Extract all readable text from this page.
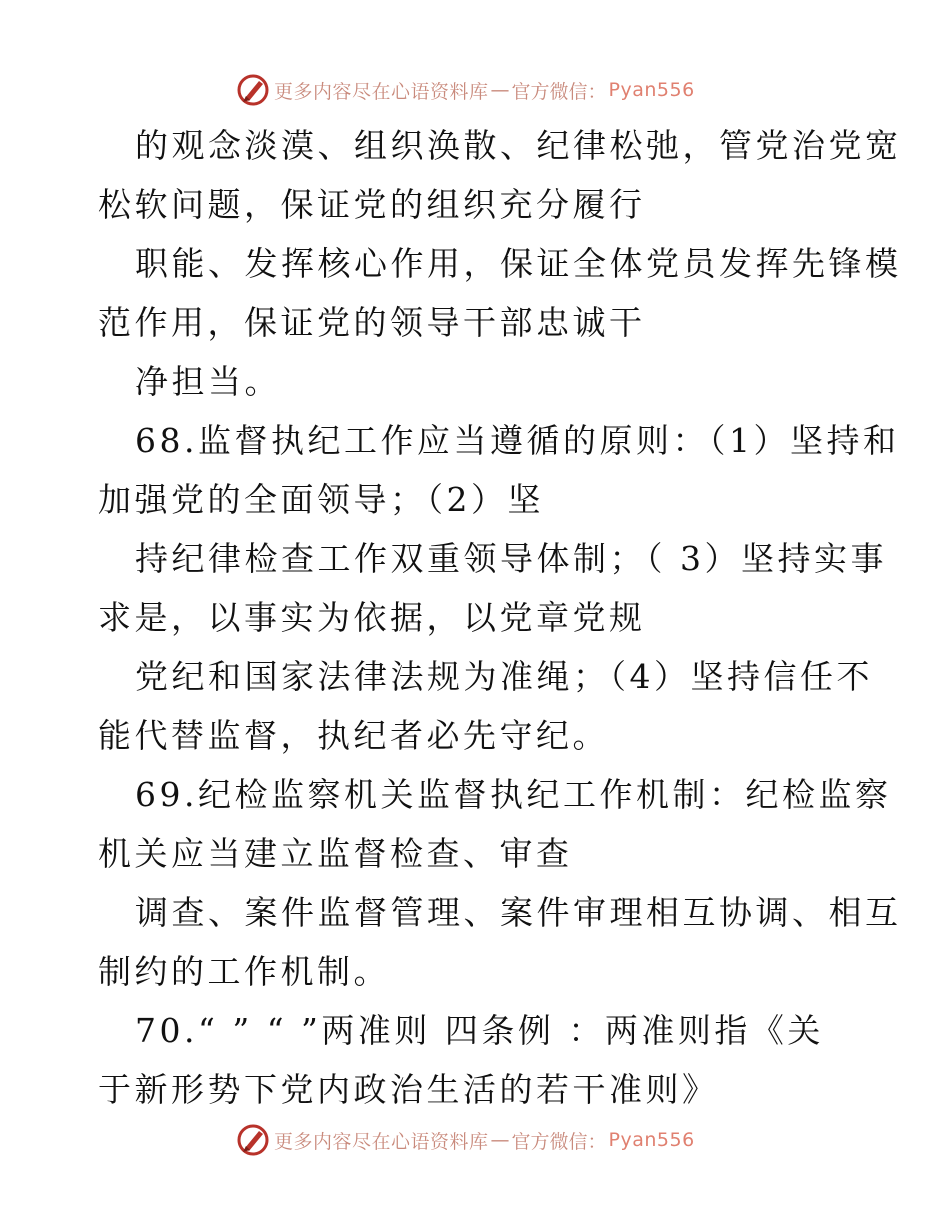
更多内容尽在心语资料库 — 官方微信： Pyan556
的观念淡漠、组织涣散、纪律松弛，管党治党宽
松软问题，保证党的组织充分履行
职能、发挥核心作用，保证全体党员发挥先锋模
范作用，保证党的领导干部忠诚干
净担当。
68.监督执纪工作应当遵循的原则：（1）坚持和
加强党的全面领导；（2）坚
持纪律检查工作双重领导体制；（ 3）坚持实事
求是，以事实为依据，以党章党规
党纪和国家法律法规为准绳；（4）坚持信任不
能代替监督，执纪者必先守纪。
69.纪检监察机关监督执纪工作机制：纪检监察
机关应当建立监督检查、审查
调查、案件监督管理、案件审理相互协调、相互
制约的工作机制。
70.“ ” “ ”两准则 四条例 ：两准则指《关
于新形势下党内政治生活的若干准则》
更多内容尽在心语资料库 — 官方微信： Pyan556
